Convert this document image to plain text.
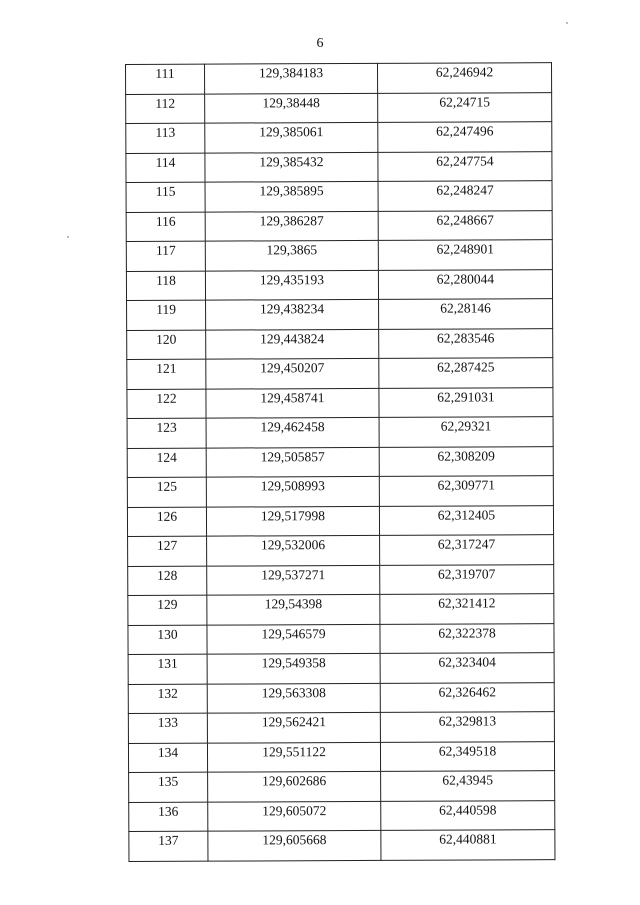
6
111	129,384183	62,246942
112	129,38448	62,24715
113	129,385061	62,247496
114	129,385432	62,247754
115	129,385895	62,248247
116	129,386287	62,248667
117	129,3865	62,248901
118	129,435193	62,280044
119	129,438234	62,28146
120	129,443824	62,283546
121	129,450207	62,287425
122	129,458741	62,291031
123	129,462458	62,29321
124	129,505857	62,308209
125	129,508993	62,309771
126	129,517998	62,312405
127	129,532006	62,317247
128	129,537271	62,319707
129	129,54398	62,321412
130	129,546579	62,322378
131	129,549358	62,323404
132	129,563308	62,326462
133	129,562421	62,329813
134	129,551122	62,349518
135	129,602686	62,43945
136	129,605072	62,440598
137	129,605668	62,440881
